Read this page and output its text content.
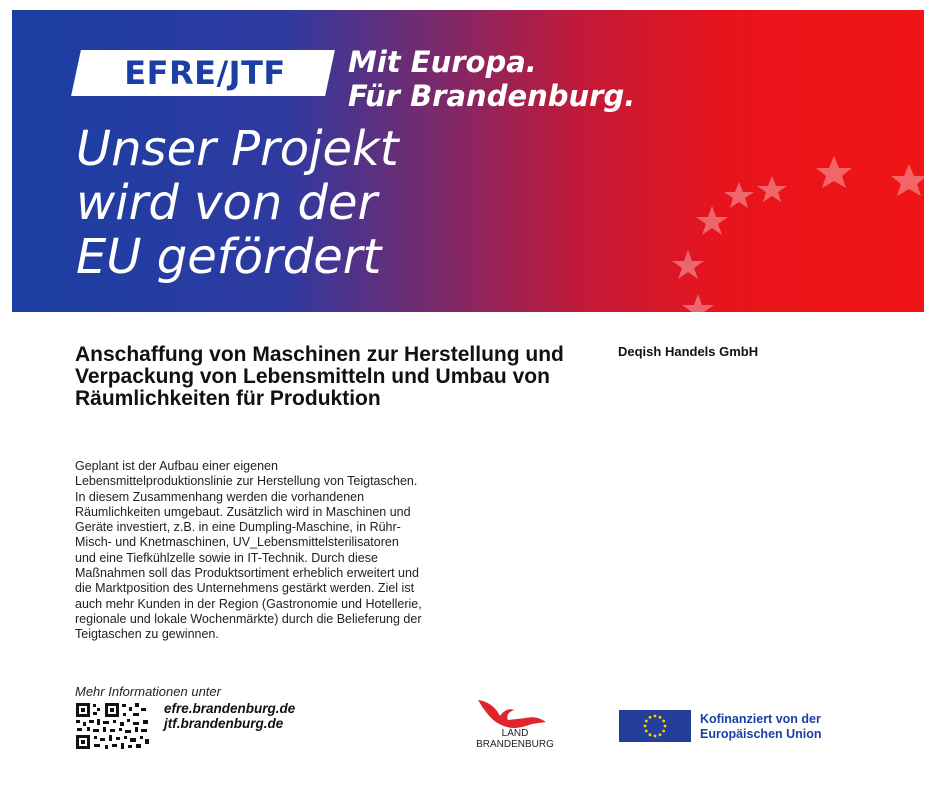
EFRE/JTF	Mit Europa.
Für Brandenburg.
Unser Projekt
wird von der
EU gefördert
Anschaffung von Maschinen zur Herstellung und Verpackung von Lebensmitteln und Umbau von Räumlichkeiten für Produktion
Deqish Handels GmbH
Geplant ist der Aufbau einer eigenen
Lebensmittelproduktionslinie zur Herstellung von Teigtaschen.
In diesem Zusammenhang werden die vorhandenen
Räumlichkeiten umgebaut. Zusätzlich wird in Maschinen und
Geräte investiert, z.B. in eine Dumpling-Maschine, in Rühr-
Misch- und Knetmaschinen, UV_Lebensmittelsterilisatoren
und eine Tiefkühlzelle sowie in IT-Technik. Durch diese
Maßnahmen soll das Produktsortiment erheblich erweitert und
die Marktposition des Unternehmens gestärkt werden. Ziel ist
auch mehr Kunden in der Region (Gastronomie und Hotellerie,
regionale und lokale Wochenmärkte) durch die Belieferung der
Teigtaschen zu gewinnen.
Mehr Informationen unter
efre.brandenburg.de
jtf.brandenburg.de
LAND
BRANDENBURG
Kofinanziert von der
Europäischen Union
